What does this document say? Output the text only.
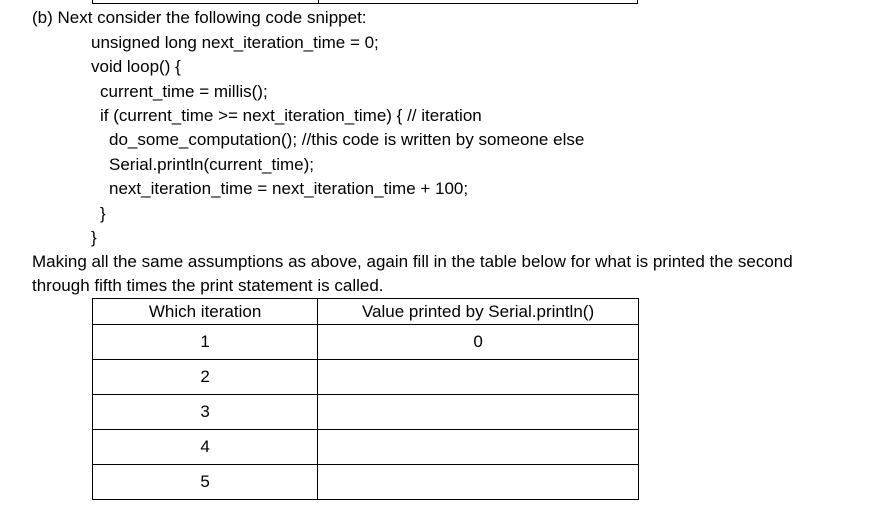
(b) Next consider the following code snippet:
unsigned long next_iteration_time = 0;
void loop() {
current_time = millis();
if (current_time >= next_iteration_time) { // iteration
do_some_computation(); //this code is written by someone else
Serial.println(current_time);
next_iteration_time = next_iteration_time + 100;
}
}
Making all the same assumptions as above, again fill in the table below for what is printed the second
through fifth times the print statement is called.
Which iteration	Value printed by Serial.println()
1	0
2	
3	
4	
5	
